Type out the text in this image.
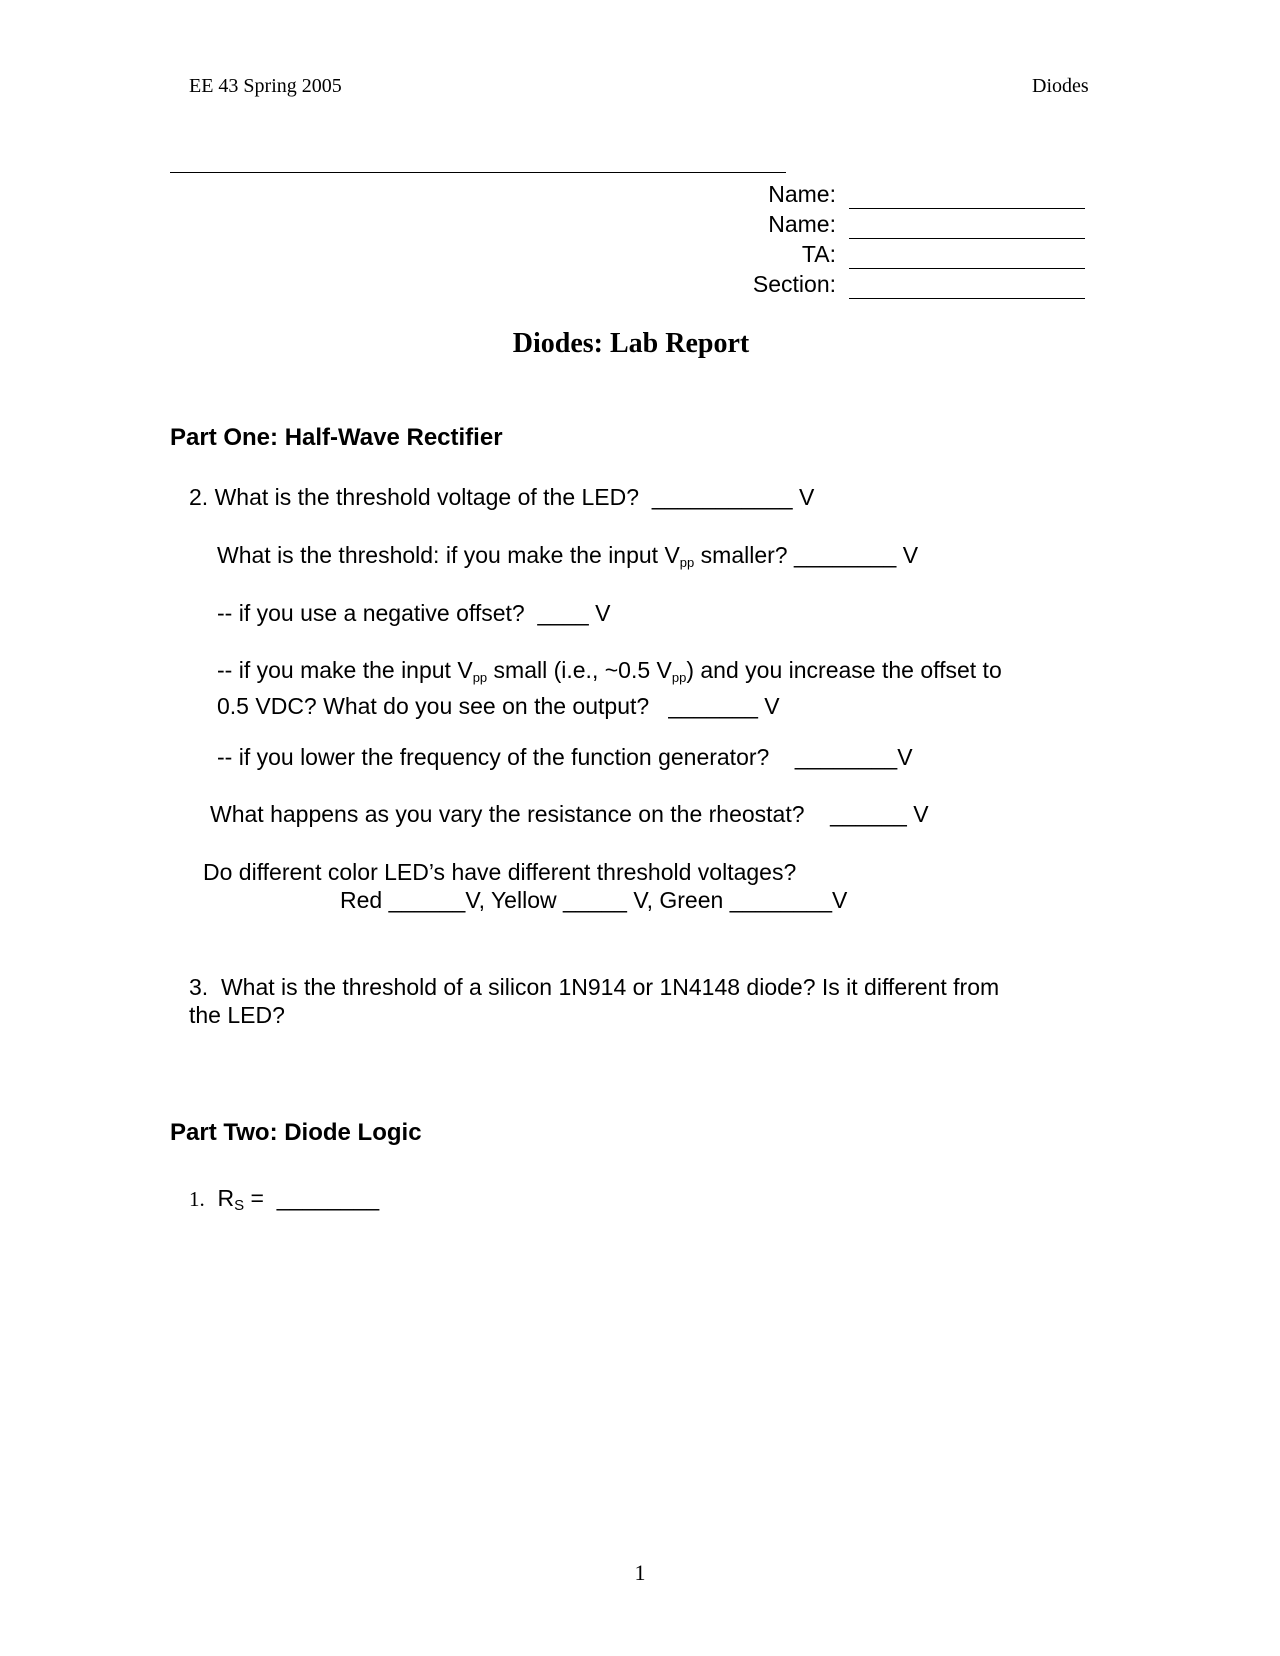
EE 43 Spring 2005	Diodes
Name:
Name:
TA:
Section:
Diodes: Lab Report
Part One: Half-Wave Rectifier
2. What is the threshold voltage of the LED? ___________ V
What is the threshold: if you make the input $V_{pp}$ smaller? ________ V
-- if you use a negative offset? ____ V
-- if you make the input $V_{pp}$ small (i.e., ~0.5 $V_{pp}$) and you increase the offset to
0.5 VDC? What do you see on the output? _______ V
-- if you lower the frequency of the function generator? ________V
What happens as you vary the resistance on the rheostat? ______ V
Do different color LED’s have different threshold voltages?
Red ______V, Yellow _____ V, Green ________V
3. What is the threshold of a silicon 1N914 or 1N4148 diode? Is it different from
the LED?
Part Two: Diode Logic
1. $R_S$ = ________
1
